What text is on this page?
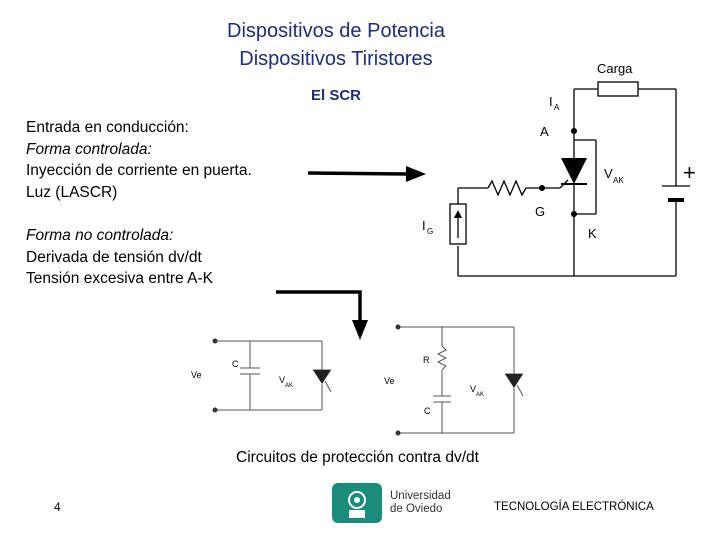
Dispositivos de Potencia
Dispositivos Tiristores
El SCR
Entrada en conducción:
Forma controlada:
Inyección de corriente en puerta.
Luz (LASCR)
Forma no controlada:
Derivada de tensión dv/dt
Tensión excesiva entre A-K
Carga
I A
A
V AK	+
G
I G	K
Ve
C
V
AK	Ve
R
C
V
AK
Circuitos de protección contra dv/dt
4
Universidad
de Oviedo	TECNOLOGÍA ELECTRÓNICA
